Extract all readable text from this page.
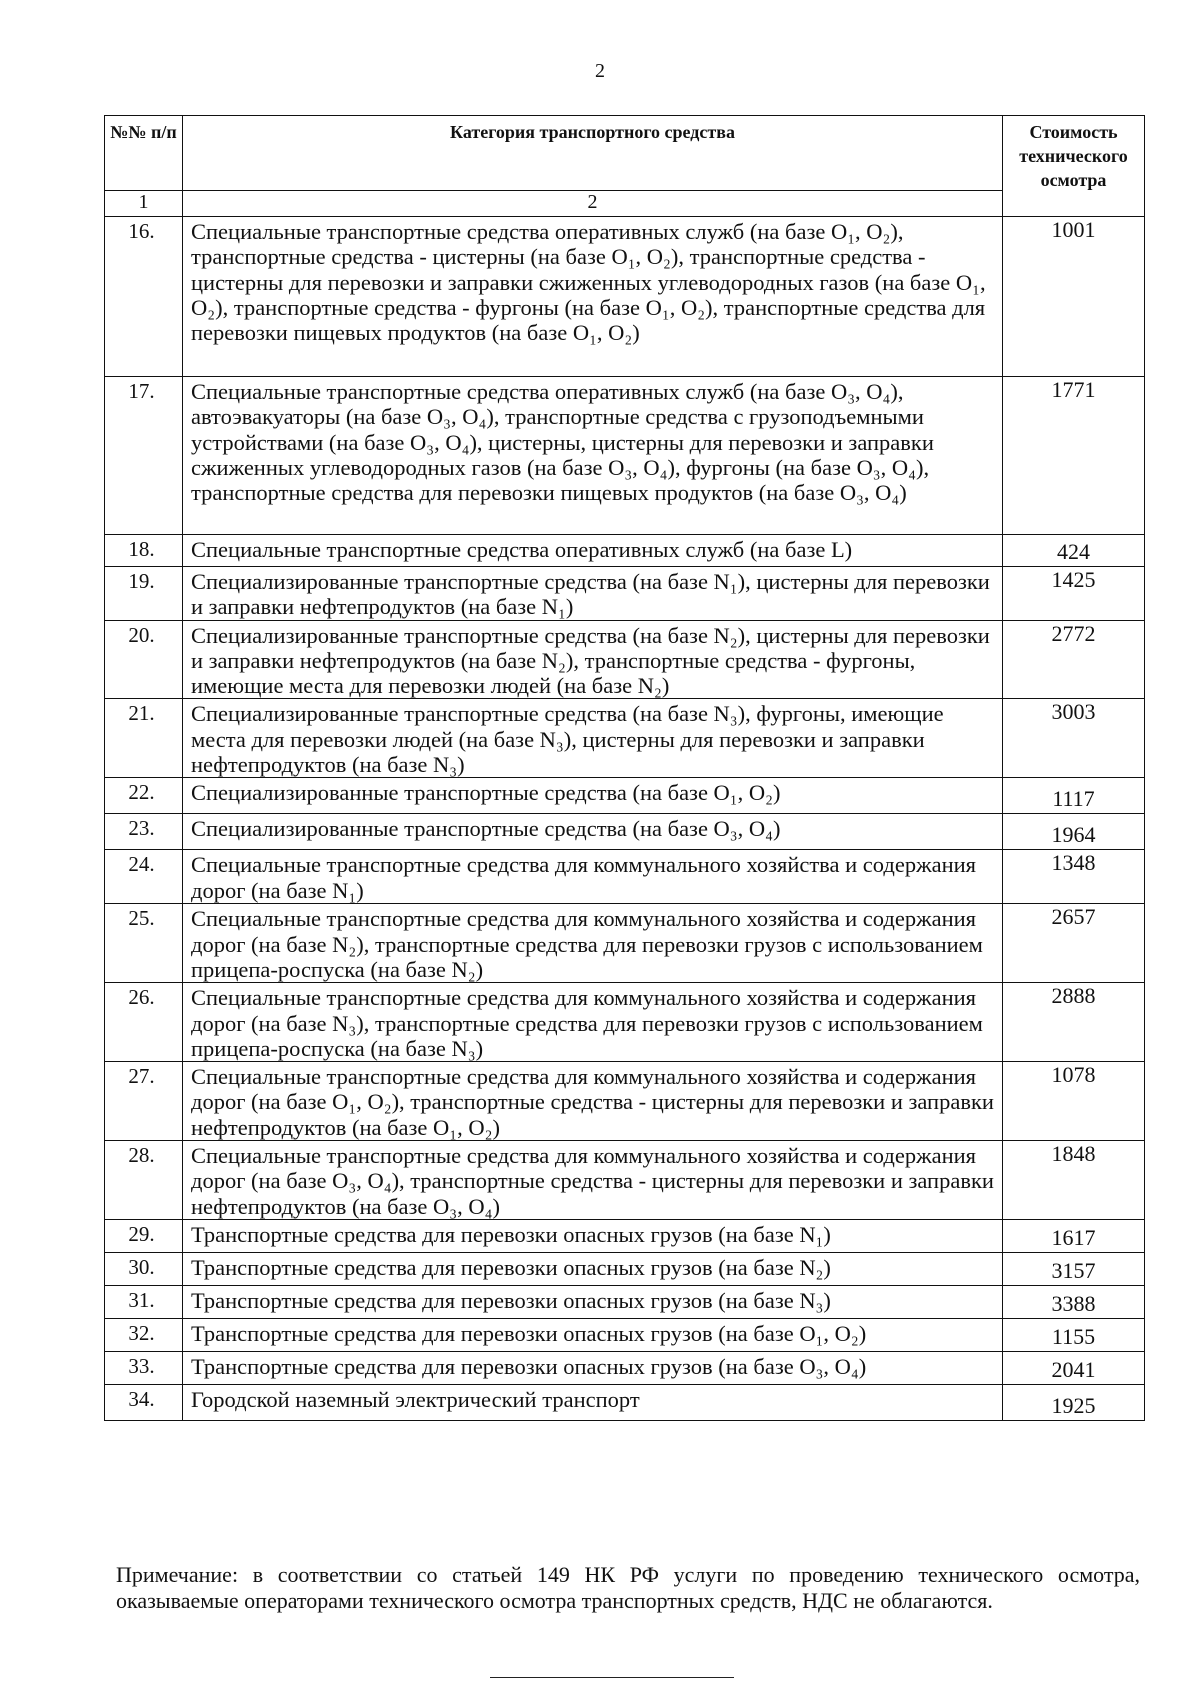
2
№№ п/п	Категория транспортного средства	Стоимость технического осмотра
1	2	
16.	Специальные транспортные средства оперативных служб (на базе O₁, O₂), транспортные средства - цистерны (на базе O₁, O₂), транспортные средства - цистерны для перевозки и заправки сжиженных углеводородных газов (на базе O₁, O₂), транспортные средства - фургоны (на базе O₁, O₂), транспортные средства для перевозки пищевых продуктов (на базе O₁, O₂)	1001
17.	Специальные транспортные средства оперативных служб (на базе O₃, O₄), автоэвакуаторы (на базе O₃, O₄), транспортные средства с грузоподъемными устройствами (на базе O₃, O₄), цистерны, цистерны для перевозки и заправки сжиженных углеводородных газов (на базе O₃, O₄), фургоны (на базе O₃, O₄), транспортные средства для перевозки пищевых продуктов (на базе O₃, O₄)	1771
18.	Специальные транспортные средства оперативных служб (на базе L)	424
19.	Специализированные транспортные средства (на базе N₁), цистерны для перевозки и заправки нефтепродуктов (на базе N₁)	1425
20.	Специализированные транспортные средства (на базе N₂), цистерны для перевозки и заправки нефтепродуктов (на базе N₂), транспортные средства - фургоны, имеющие места для перевозки людей (на базе N₂)	2772
21.	Специализированные транспортные средства (на базе N₃), фургоны, имеющие места для перевозки людей (на базе N₃), цистерны для перевозки и заправки нефтепродуктов (на базе N₃)	3003
22.	Специализированные транспортные средства (на базе O₁, O₂)	1117
23.	Специализированные транспортные средства (на базе O₃, O₄)	1964
24.	Специальные транспортные средства для коммунального хозяйства и содержания дорог (на базе N₁)	1348
25.	Специальные транспортные средства для коммунального хозяйства и содержания дорог (на базе N₂), транспортные средства для перевозки грузов с использованием прицепа-роспуска (на базе N₂)	2657
26.	Специальные транспортные средства для коммунального хозяйства и содержания дорог (на базе N₃), транспортные средства для перевозки грузов с использованием прицепа-роспуска (на базе N₃)	2888
27.	Специальные транспортные средства для коммунального хозяйства и содержания дорог (на базе O₁, O₂), транспортные средства - цистерны для перевозки и заправки нефтепродуктов (на базе O₁, O₂)	1078
28.	Специальные транспортные средства для коммунального хозяйства и содержания дорог (на базе O₃, O₄), транспортные средства - цистерны для перевозки и заправки нефтепродуктов (на базе O₃, O₄)	1848
29.	Транспортные средства для перевозки опасных грузов (на базе N₁)	1617
30.	Транспортные средства для перевозки опасных грузов (на базе N₂)	3157
31.	Транспортные средства для перевозки опасных грузов (на базе N₃)	3388
32.	Транспортные средства для перевозки опасных грузов (на базе O₁, O₂)	1155
33.	Транспортные средства для перевозки опасных грузов (на базе O₃, O₄)	2041
34.	Городской наземный электрический транспорт	1925
Примечание: в соответствии со статьей 149 НК РФ услуги по проведению технического осмотра, оказываемые операторами технического осмотра транспортных средств, НДС не облагаются.
